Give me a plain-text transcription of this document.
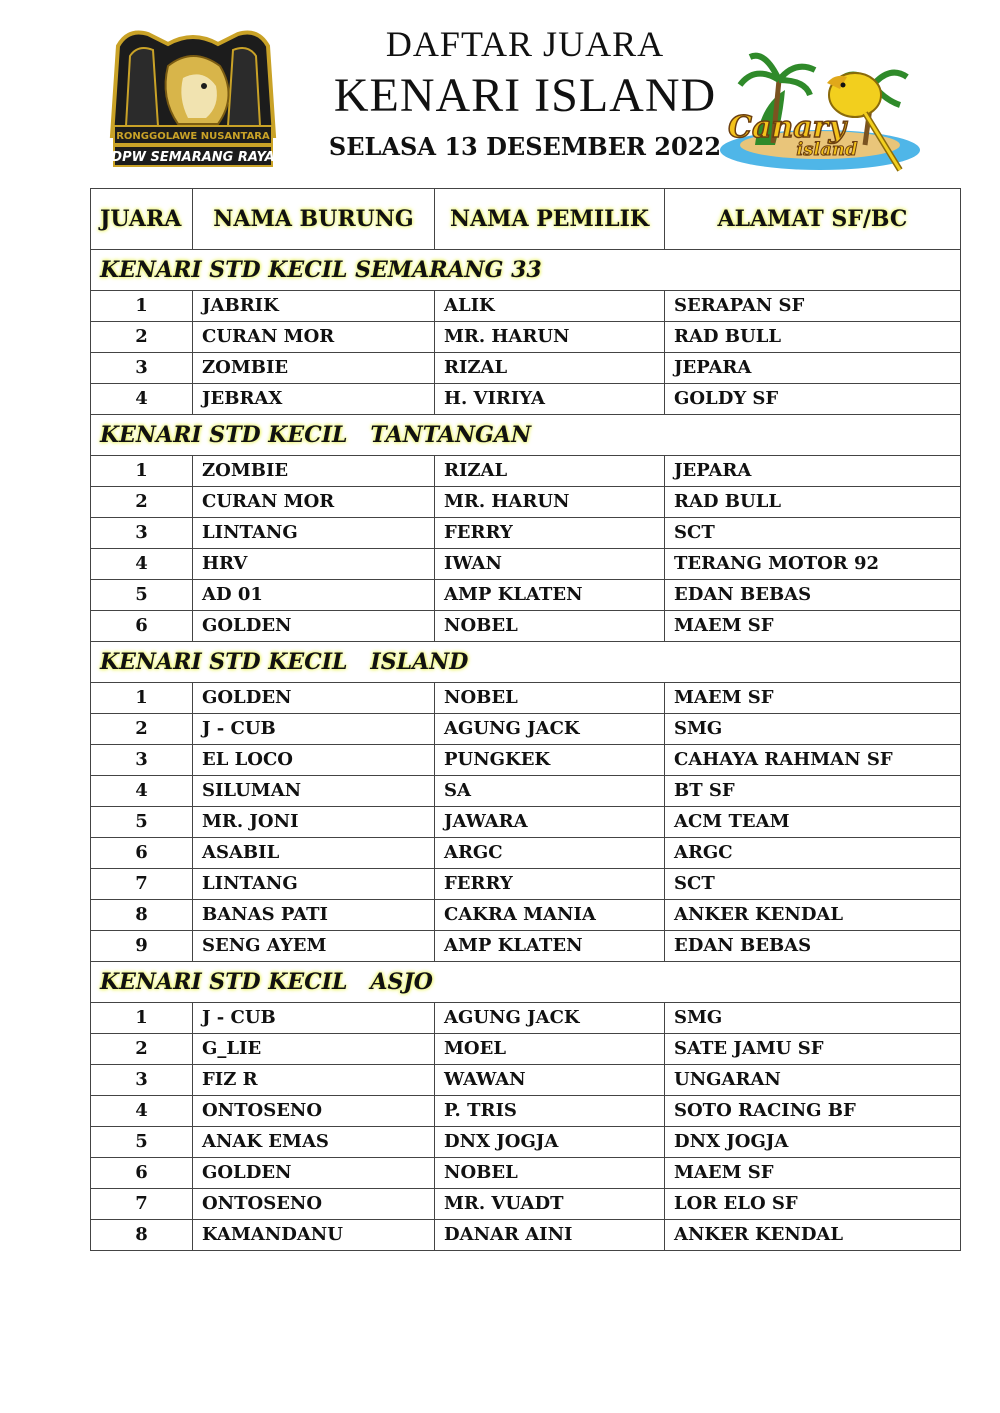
RONGGOLAWE NUSANTARA
DPW SEMARANG RAYA
DAFTAR JUARA
KENARI ISLAND
SELASA 13 DESEMBER 2022
Canary
island
JUARA	NAMA BURUNG	NAMA PEMILIK	ALAMAT SF/BC
KENARI STD KECIL SEMARANG 33			
1	JABRIK	ALIK	SERAPAN SF
2	CURAN MOR	MR. HARUN	RAD BULL
3	ZOMBIE	RIZAL	JEPARA
4	JEBRAX	H. VIRIYA	GOLDY SF
KENARI STD KECIL   TANTANGAN			
1	ZOMBIE	RIZAL	JEPARA
2	CURAN MOR	MR. HARUN	RAD BULL
3	LINTANG	FERRY	SCT
4	HRV	IWAN	TERANG MOTOR 92
5	AD 01	AMP KLATEN	EDAN BEBAS
6	GOLDEN	NOBEL	MAEM SF
KENARI STD KECIL   ISLAND			
1	GOLDEN	NOBEL	MAEM SF
2	J - CUB	AGUNG JACK	SMG
3	EL LOCO	PUNGKEK	CAHAYA RAHMAN SF
4	SILUMAN	SA	BT SF
5	MR. JONI	JAWARA	ACM TEAM
6	ASABIL	ARGC	ARGC
7	LINTANG	FERRY	SCT
8	BANAS PATI	CAKRA MANIA	ANKER KENDAL
9	SENG AYEM	AMP KLATEN	EDAN BEBAS
KENARI STD KECIL   ASJO			
1	J - CUB	AGUNG JACK	SMG
2	G_LIE	MOEL	SATE JAMU SF
3	FIZ R	WAWAN	UNGARAN
4	ONTOSENO	P. TRIS	SOTO RACING BF
5	ANAK EMAS	DNX JOGJA	DNX JOGJA
6	GOLDEN	NOBEL	MAEM SF
7	ONTOSENO	MR. VUADT	LOR ELO SF
8	KAMANDANU	DANAR AINI	ANKER KENDAL
